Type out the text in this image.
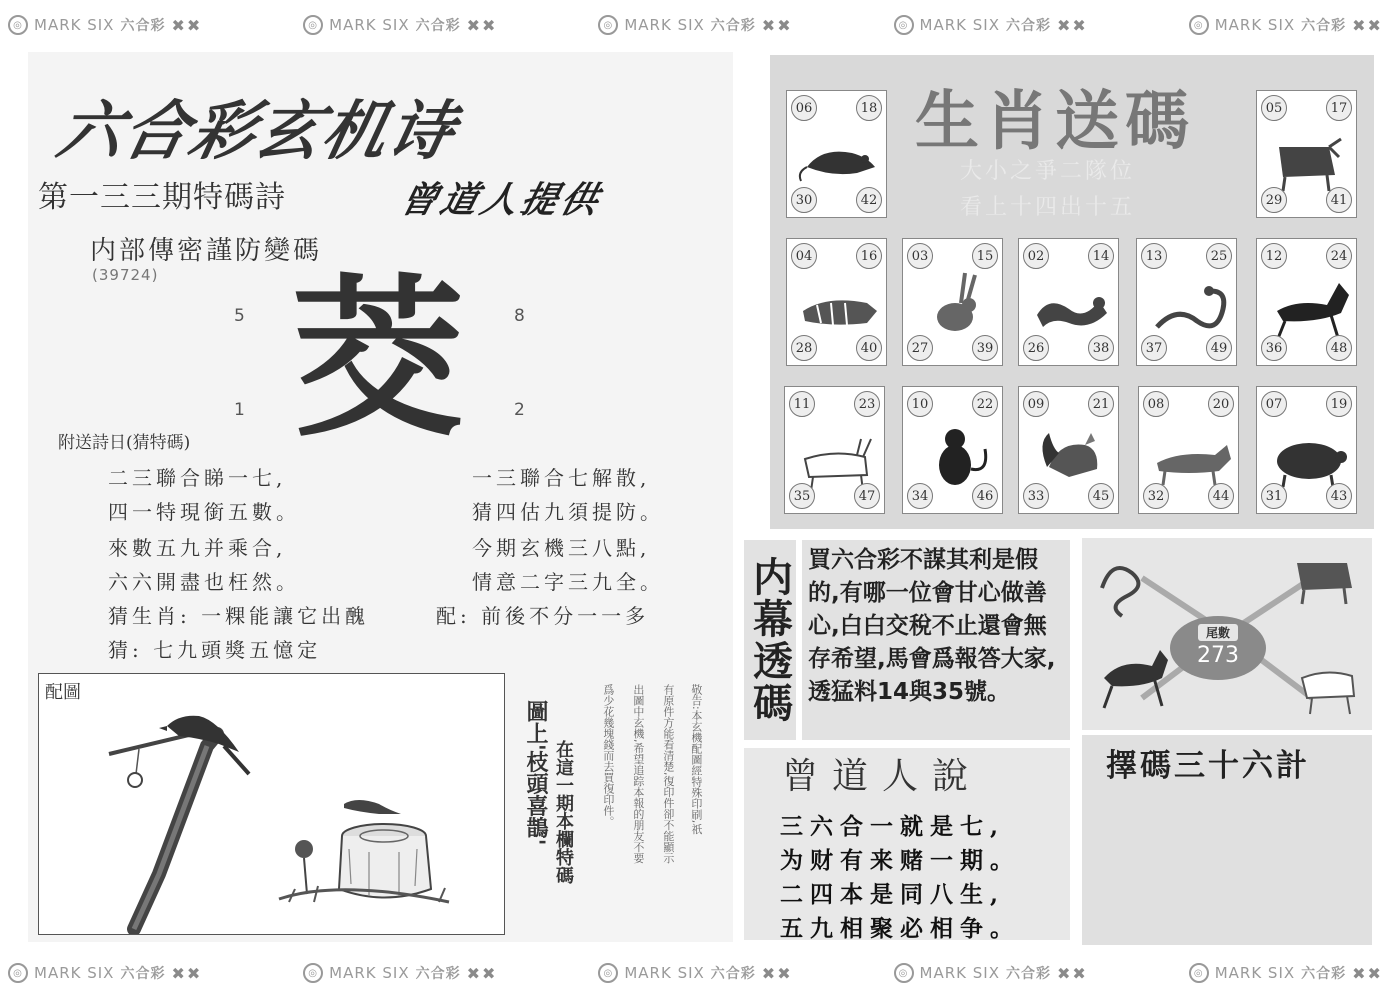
◎ MARK SIX 六合彩 ✖✖	◎ MARK SIX 六合彩 ✖✖	◎ MARK SIX 六合彩 ✖✖	◎ MARK SIX 六合彩 ✖✖	◎ MARK SIX 六合彩 ✖✖
◎ MARK SIX 六合彩 ✖✖	◎ MARK SIX 六合彩 ✖✖	◎ MARK SIX 六合彩 ✖✖	◎ MARK SIX 六合彩 ✖✖	◎ MARK SIX 六合彩 ✖✖
六合彩玄机诗
第一三三期特碼詩	曾道人提供
内部傳密謹防變碼
(39724)
5	8
1	2
茭
附送詩日(猜特碼)
二三聯合睇一七,
四一特現銜五數。
來數五九并乘合,
六六開盡也枉然。
一三聯合七解散,
猜四估九須提防。
今期玄機三八點,
情意二字三九全。
猜生肖: 一粿能讓它出醜	配: 前後不分一一多
猜: 七九頭獎五憶定
配圖
圖上'枝頭喜鵲' 在這一期本欄特碼	敬告:本玄機配圖經特殊印刷,祇
有原件方能看清楚,復印件卻不能顯示
出圖中玄機,希望追踪本報的朋友不要
爲少花幾塊錢而去買復印件。
生肖送碼
大小之爭二隊位
看上十四出十五
06	18
30	42
05	17
29	41
04	16
28	40
03	15
27	39
02	14
26	38
13	25
37	49
12	24
36	48
11	23
35	47
10	22
34	46
09	21
33	45
08	20
32	44
07	19
31	43
内幕透碼 買六合彩不謀其利是假的,有哪一位會甘心做善心,白白交稅不止還會無存希望,馬會爲報答大家,透猛料14與35號。
曾道人說
三六合一就是七,
为财有来赌一期。
二四本是同八生,
五九相聚必相争。
尾數
273
擇碼三十六計
